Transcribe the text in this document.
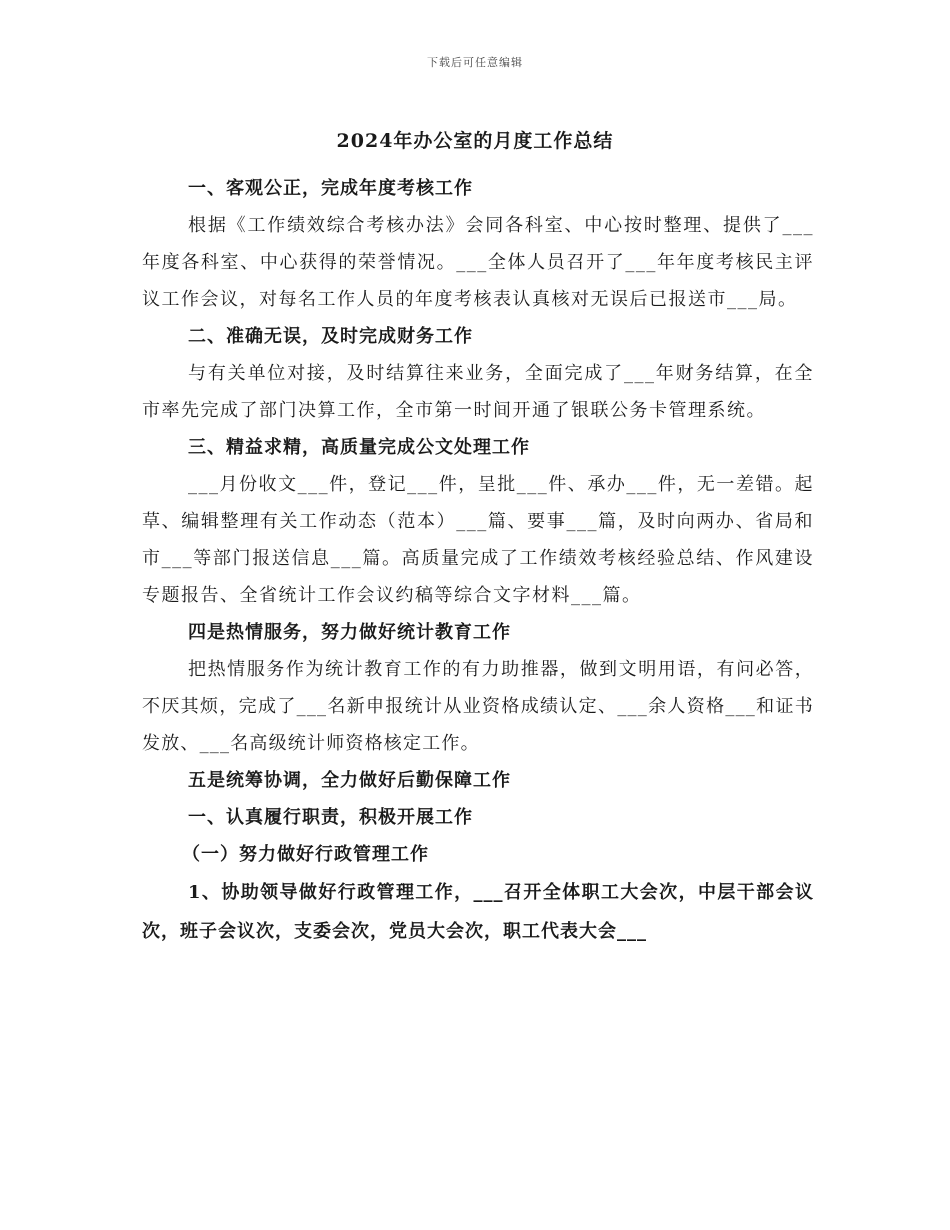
下载后可任意编辑
2024年办公室的月度工作总结
一、客观公正，完成年度考核工作

根据《工作绩效综合考核办法》会同各科室、中心按时整理、提供了___年度各科室、中心获得的荣誉情况。___全体人员召开了___年年度考核民主评议工作会议，对每名工作人员的年度考核表认真核对无误后已报送市___局。

二、准确无误，及时完成财务工作

与有关单位对接，及时结算往来业务，全面完成了___年财务结算，在全市率先完成了部门决算工作，全市第一时间开通了银联公务卡管理系统。

三、精益求精，高质量完成公文处理工作

___月份收文___件，登记___件，呈批___件、承办___件，无一差错。起草、编辑整理有关工作动态（范本）___篇、要事___篇，及时向两办、省局和市___等部门报送信息___篇。高质量完成了工作绩效考核经验总结、作风建设专题报告、全省统计工作会议约稿等综合文字材料___篇。

四是热情服务，努力做好统计教育工作

把热情服务作为统计教育工作的有力助推器，做到文明用语，有问必答，不厌其烦，完成了___名新申报统计从业资格成绩认定、___余人资格___和证书发放、___名高级统计师资格核定工作。

五是统筹协调，全力做好后勤保障工作
一、认真履行职责，积极开展工作
（一）努力做好行政管理工作

1、协助领导做好行政管理工作，___召开全体职工大会次，中层干部会议次，班子会议次，支委会次，党员大会次，职工代表大会___
